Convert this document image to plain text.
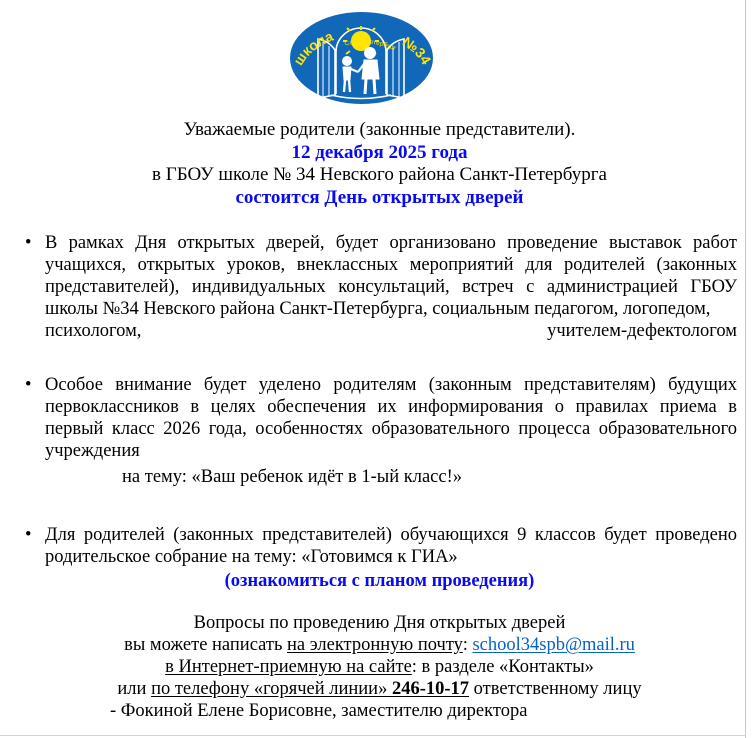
школа Санкт-Петербург №34
Уважаемые родители (законные представители).
12 декабря 2025 года
в ГБОУ школе № 34 Невского района Санкт-Петербурга
состоится День открытых дверей
• В рамках Дня открытых дверей, будет организовано проведение выставок работ учащихся, открытых уроков, внеклассных мероприятий для родителей (законных представителей), индивидуальных консультаций, встреч с администрацией ГБОУ школы №34 Невского района Санкт-Петербурга, социальным педагогом, логопедом,
психологом,	учителем-дефектологом
• Особое внимание будет уделено родителям (законным представителям) будущих первоклассников в целях обеспечения их информирования о правилах приема в первый класс 2026 года, особенностях образовательного процесса образовательного учреждения
на тему: «Ваш ребенок идёт в 1-ый класс!»
• Для родителей (законных представителей) обучающихся 9 классов будет проведено родительское собрание на тему: «Готовимся к ГИА»
(ознакомиться с планом проведения)
Вопросы по проведению Дня открытых дверей
вы можете написать на электронную почту: school34spb@mail.ru
в Интернет-приемную на сайте: в разделе «Контакты»
или по телефону «горячей линии» 246-10-17 ответственному лицу
- Фокиной Елене Борисовне, заместителю директора
